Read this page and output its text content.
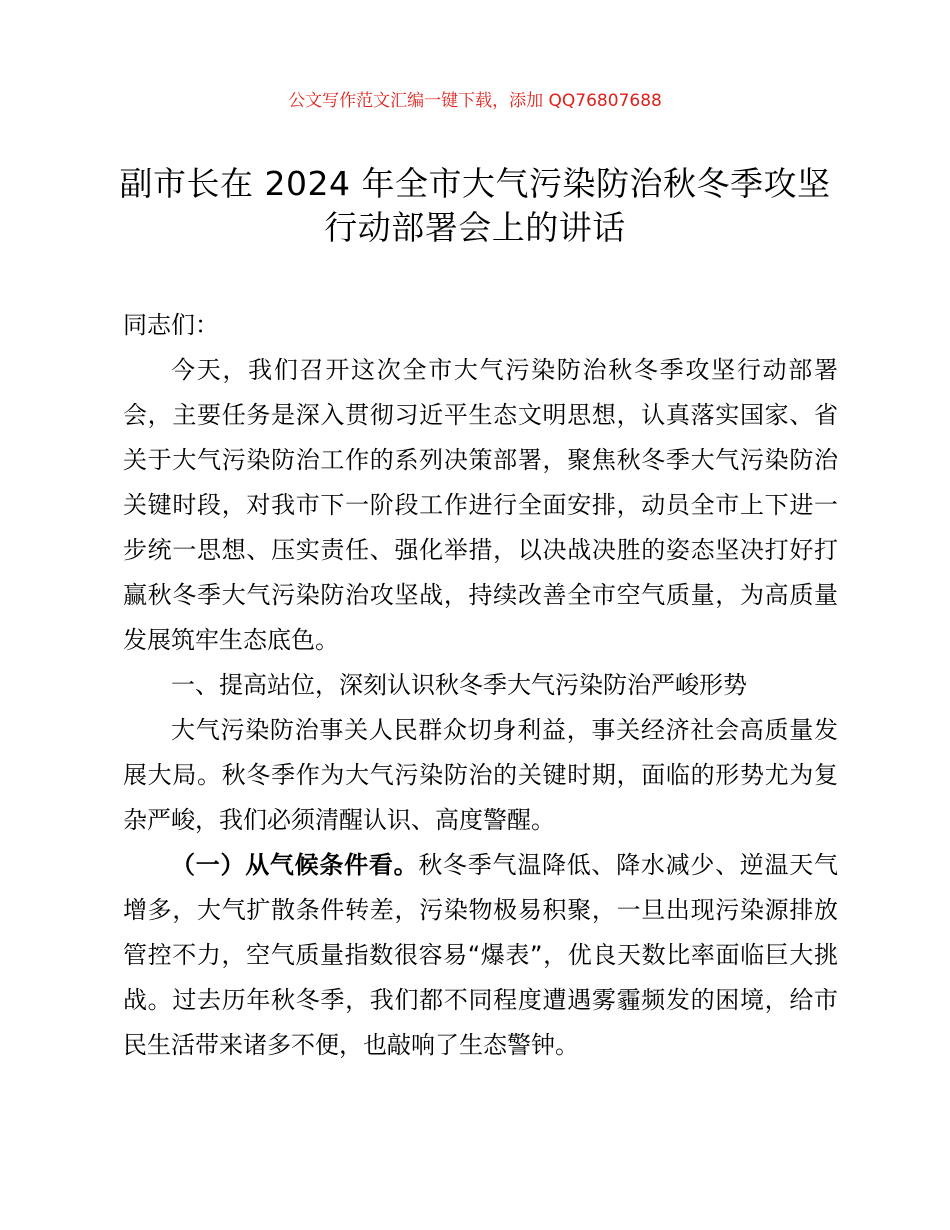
公文写作范文汇编一键下载，添加 QQ76807688
副市长在 2024 年全市大气污染防治秋冬季攻坚
行动部署会上的讲话

同志们：

今天，我们召开这次全市大气污染防治秋冬季攻坚行动部署会，主要任务是深入贯彻习近平生态文明思想，认真落实国家、省关于大气污染防治工作的系列决策部署，聚焦秋冬季大气污染防治关键时段，对我市下一阶段工作进行全面安排，动员全市上下进一步统一思想、压实责任、强化举措，以决战决胜的姿态坚决打好打赢秋冬季大气污染防治攻坚战，持续改善全市空气质量，为高质量发展筑牢生态底色。

一、提高站位，深刻认识秋冬季大气污染防治严峻形势

大气污染防治事关人民群众切身利益，事关经济社会高质量发展大局。秋冬季作为大气污染防治的关键时期，面临的形势尤为复杂严峻，我们必须清醒认识、高度警醒。

（一）从气候条件看。秋冬季气温降低、降水减少、逆温天气增多，大气扩散条件转差，污染物极易积聚，一旦出现污染源排放管控不力，空气质量指数很容易“爆表”，优良天数比率面临巨大挑战。过去历年秋冬季，我们都不同程度遭遇雾霾频发的困境，给市民生活带来诸多不便，也敲响了生态警钟。
